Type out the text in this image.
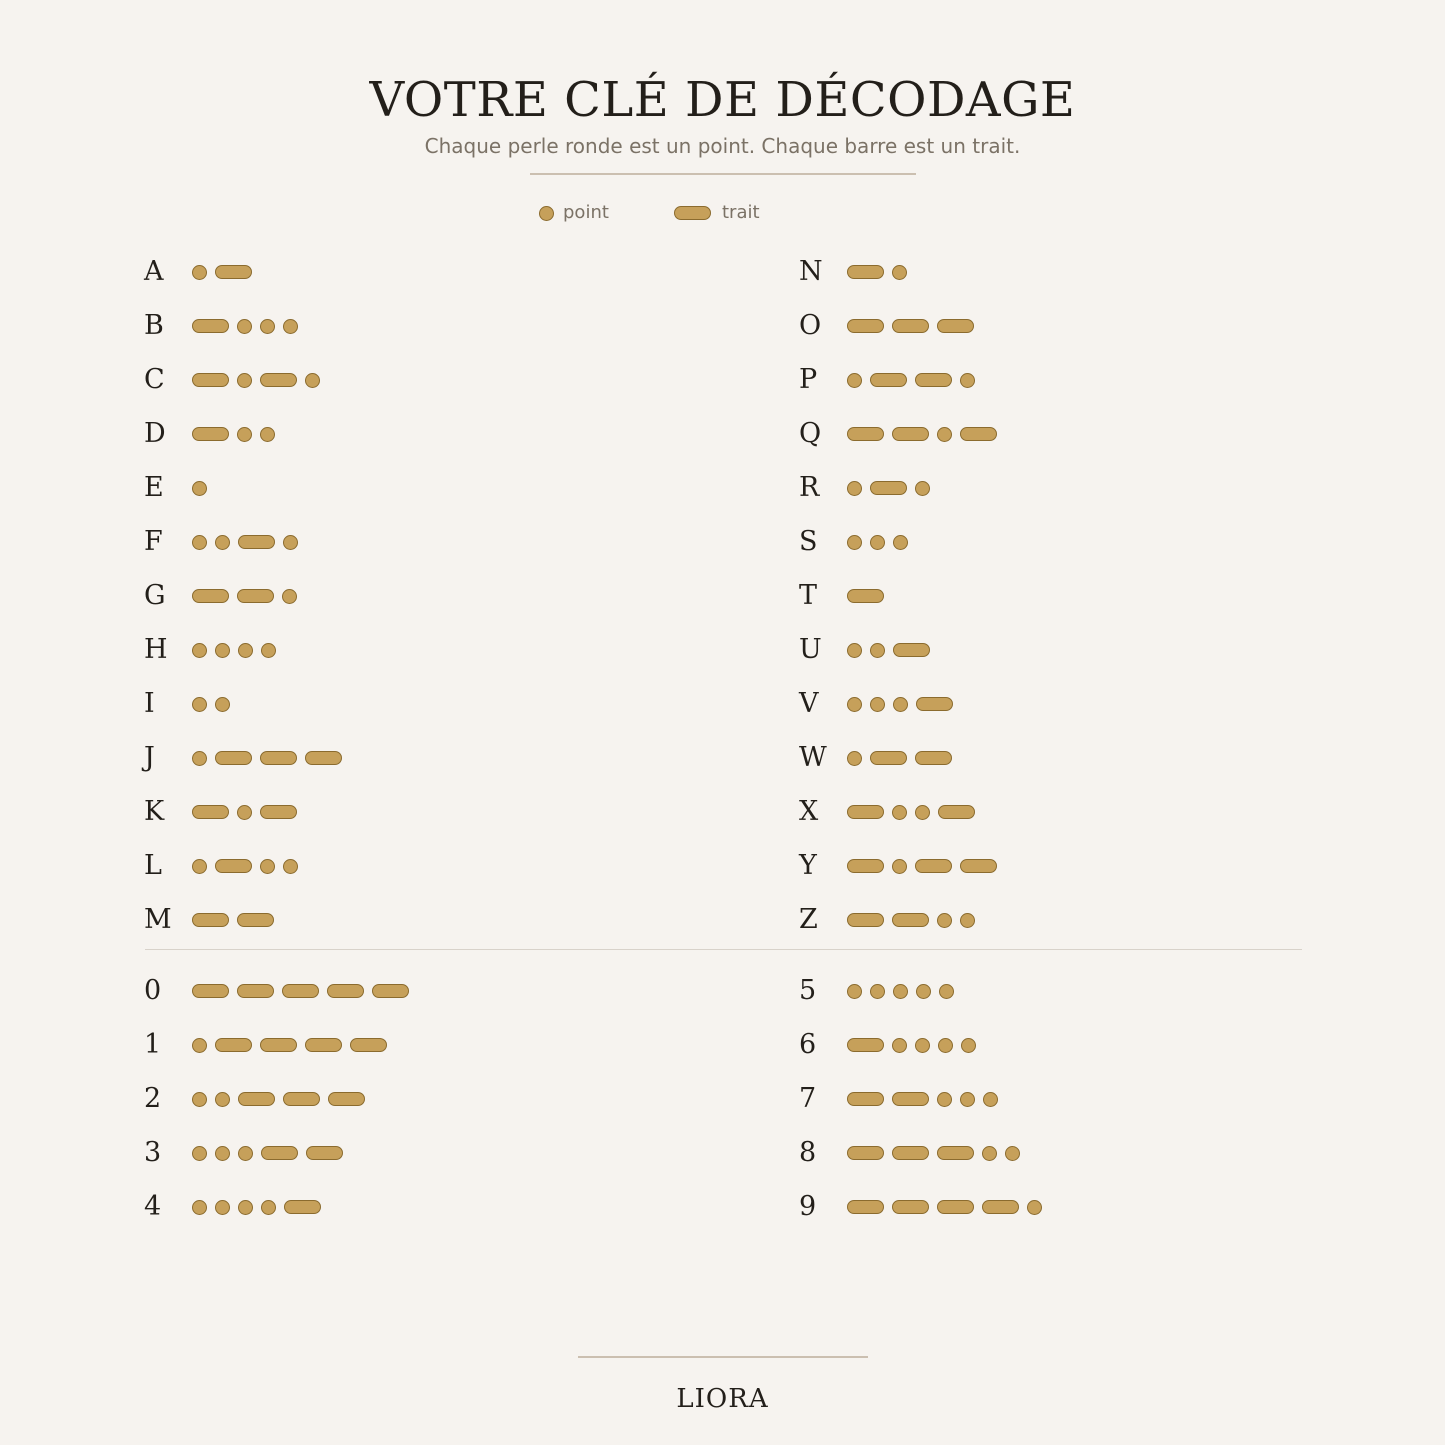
VOTRE CLÉ DE DÉCODAGE
Chaque perle ronde est un point. Chaque barre est un trait.
point	trait
A
B
C
D
E
F
G
H
I
J
K
L
M
N
O
P
Q
R
S
T
U
V
W
X
Y
Z
0
1
2
3
4
5
6
7
8
9
LIORA
